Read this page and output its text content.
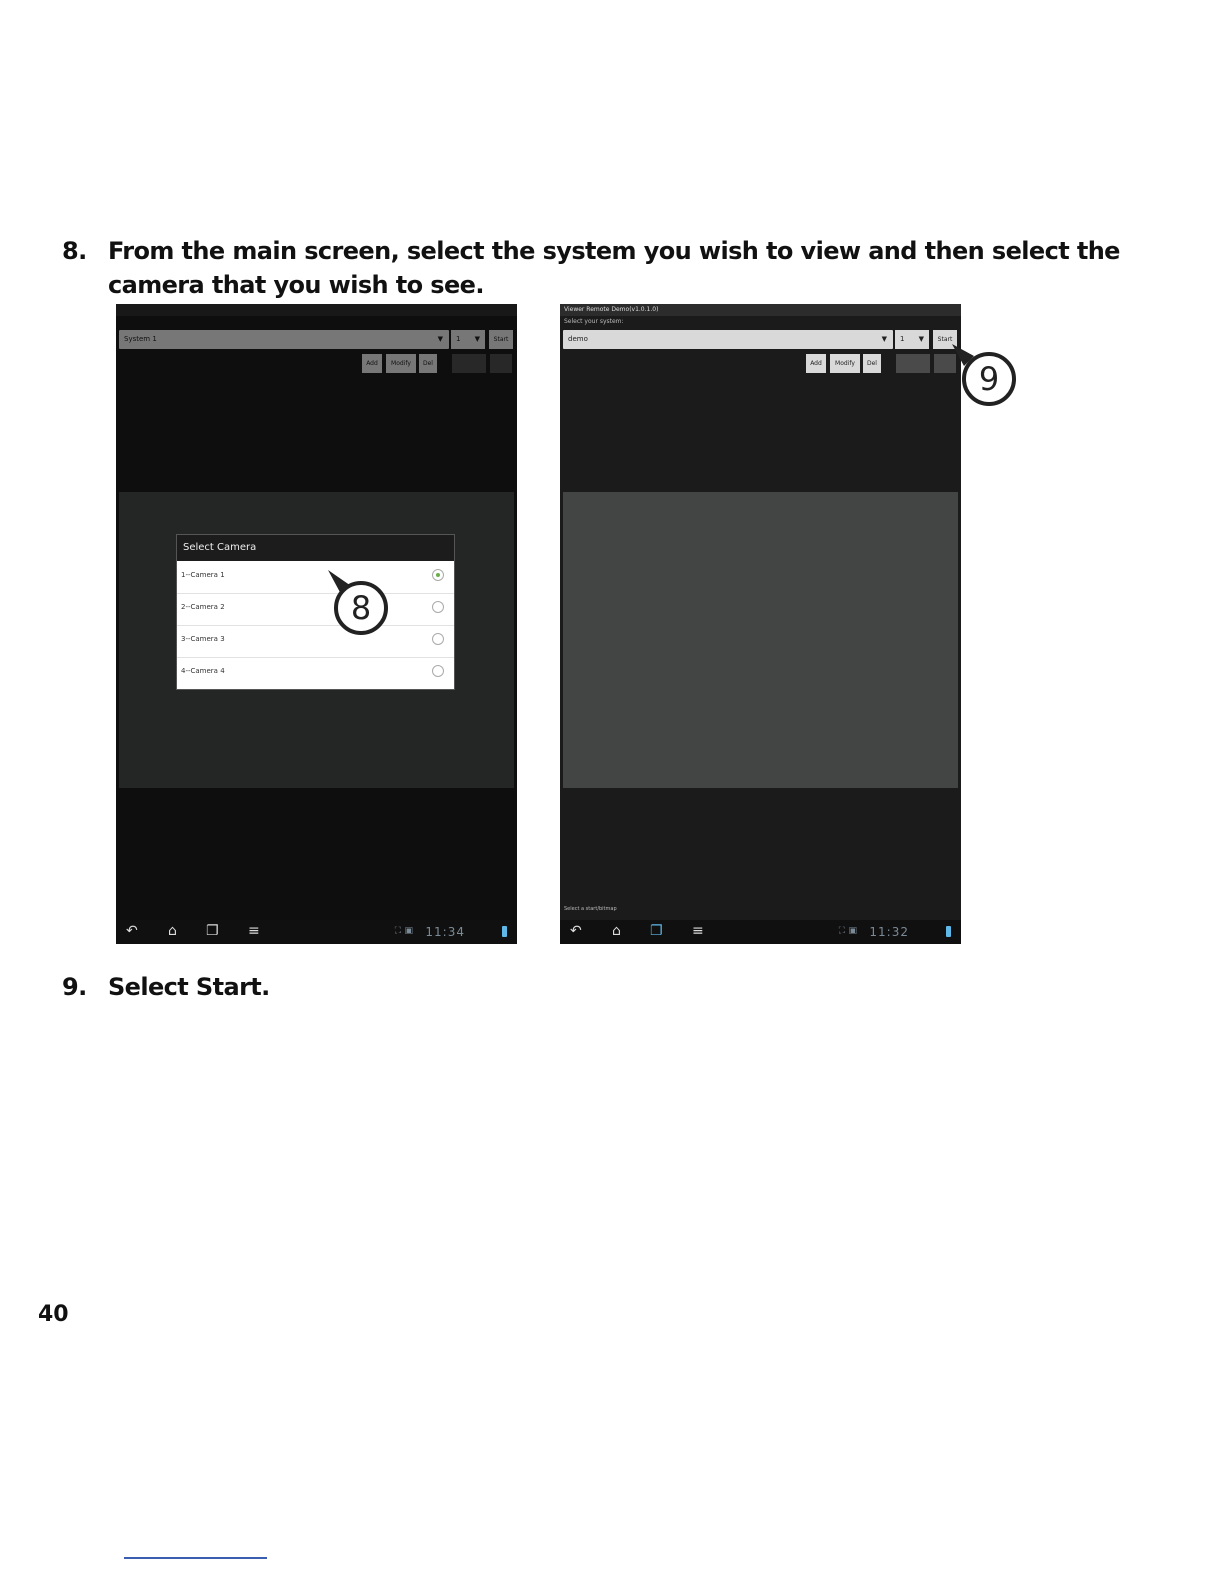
8. From the main screen, select the system you wish to view and then select the camera that you wish to see.
System 1	▼ 1 ▼	Start
Add	Modify	Del
Select Camera
1--Camera 1
2--Camera 2
3--Camera 3
4--Camera 4
↶ ⌂ ❐ ≡	⛶ ▣ 11:34
Viewer Remote Demo(v1.0.1.0)
Select your system:
demo	▼ 1 ▼	Start
Add	Modify	Del
Select a start/bitmap
↶ ⌂ ❐ ≡	⛶ ▣ 11:32
8
9
9. Select Start.
40
